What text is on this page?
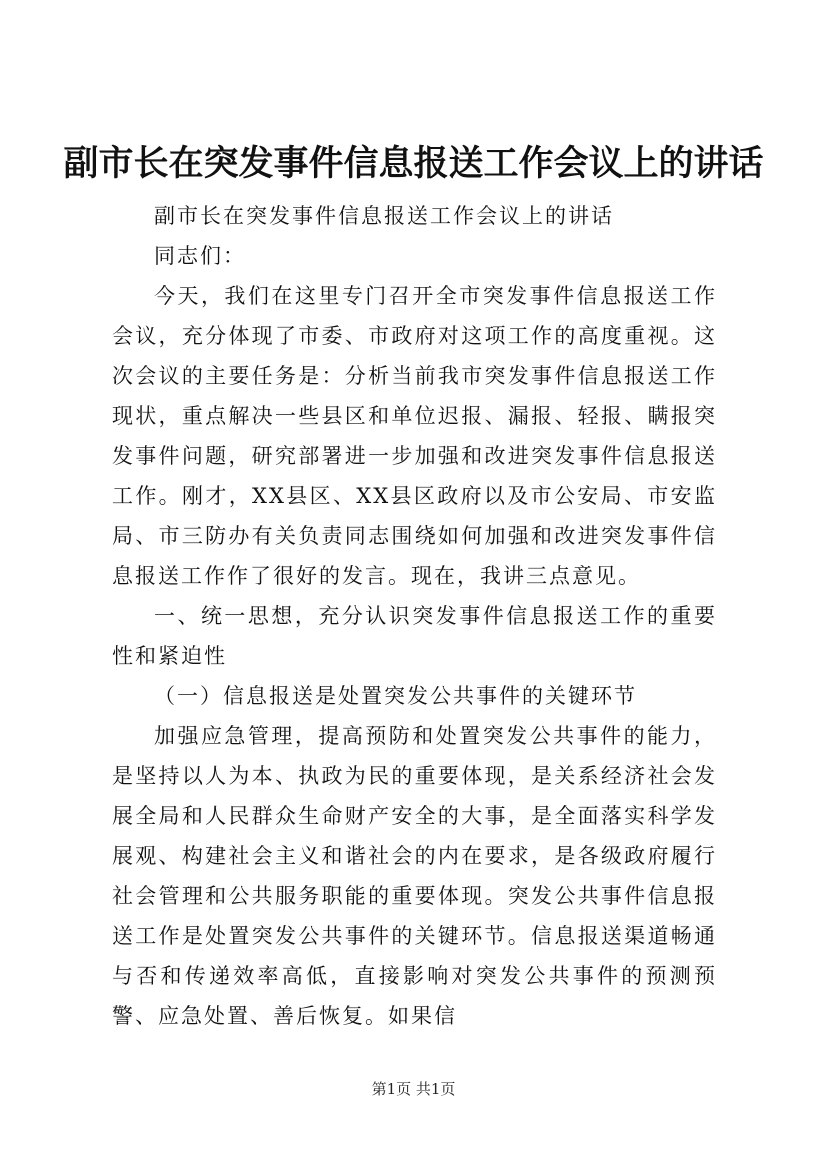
副市长在突发事件信息报送工作会议上的讲话

副市长在突发事件信息报送工作会议上的讲话

同志们：

今天，我们在这里专门召开全市突发事件信息报送工作会议，充分体现了市委、市政府对这项工作的高度重视。这次会议的主要任务是：分析当前我市突发事件信息报送工作现状，重点解决一些县区和单位迟报、漏报、轻报、瞒报突发事件问题，研究部署进一步加强和改进突发事件信息报送工作。刚才，XX县区、XX县区政府以及市公安局、市安监局、市三防办有关负责同志围绕如何加强和改进突发事件信息报送工作作了很好的发言。现在，我讲三点意见。

一、统一思想，充分认识突发事件信息报送工作的重要性和紧迫性

（一）信息报送是处置突发公共事件的关键环节

加强应急管理，提高预防和处置突发公共事件的能力，是坚持以人为本、执政为民的重要体现，是关系经济社会发展全局和人民群众生命财产安全的大事，是全面落实科学发展观、构建社会主义和谐社会的内在要求，是各级政府履行社会管理和公共服务职能的重要体现。突发公共事件信息报送工作是处置突发公共事件的关键环节。信息报送渠道畅通与否和传递效率高低，直接影响对突发公共事件的预测预警、应急处置、善后恢复。如果信

第1页 共1页
